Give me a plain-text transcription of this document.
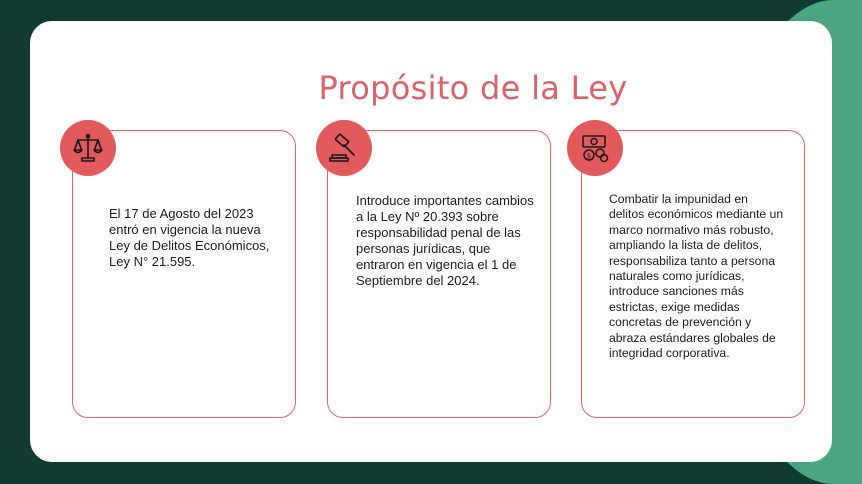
Propósito de la Ley
El 17 de Agosto del 2023 entró en vigencia la nueva Ley de Delitos Económicos, Ley N° 21.595.
Introduce importantes cambios a la Ley Nº 20.393 sobre responsabilidad penal de las personas jurídicas, que entraron en vigencia el 1 de Septiembre del 2024.
Combatir la impunidad en delitos económicos mediante un marco normativo más robusto, ampliando la lista de delitos, responsabiliza tanto a persona naturales como jurídicas, introduce sanciones más estrictas, exige medidas concretas de prevención y abraza estándares globales de integridad corporativa.
$
